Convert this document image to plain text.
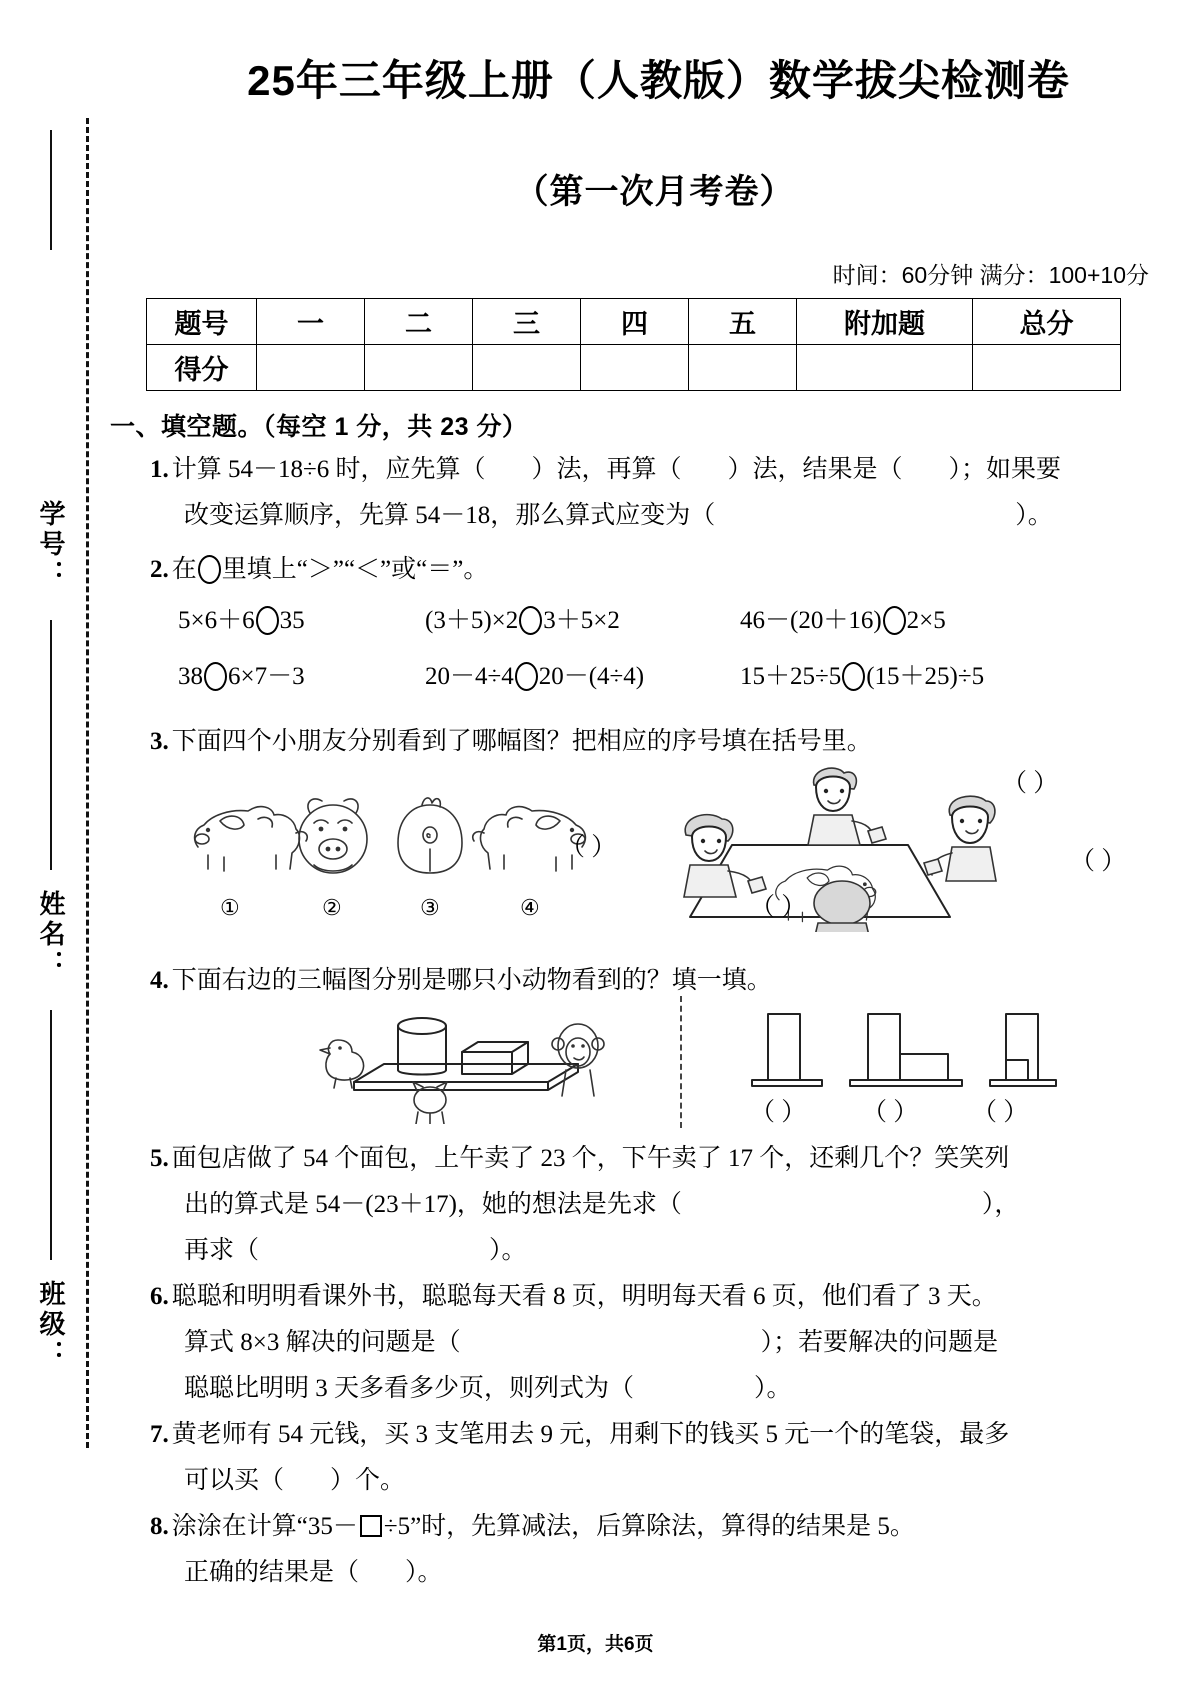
学号：
姓名：
班级：
25年三年级上册（人教版）数学拔尖检测卷
（第一次月考卷）
时间：60分钟 满分：100+10分
题号	一	二	三	四	五	附加题	总分
得分							
一、填空题。（每空 1 分，共 23 分）
1. 计算 54－18÷6 时，应先算（ ）法，再算（ ）法，结果是（ ）；如果要
改变运算顺序，先算 54－18，那么算式应变为（	）。
2. 在 里填上“＞”“＜”或“＝”。
5×6＋6 35	(3＋5)×2 3＋5×2	46－(20＋16) 2×5
38 6×7－3	20－4÷4 20－(4÷4)	15＋25÷5 (15＋25)÷5
3. 下面四个小朋友分别看到了哪幅图？把相应的序号填在括号里。
①	②	③	④
（ ）
（ ）
（ ）
（ ）
4. 下面右边的三幅图分别是哪只小动物看到的？填一填。
（ ） （ ） （ ）
5. 面包店做了 54 个面包，上午卖了 23 个，下午卖了 17 个，还剩几个？笑笑列
出的算式是 54－(23＋17)，她的想法是先求（	），
再求（	）。
6. 聪聪和明明看课外书，聪聪每天看 8 页，明明每天看 6 页，他们看了 3 天。
算式 8×3 解决的问题是（	）；若要解决的问题是
聪聪比明明 3 天多看多少页，则列式为（	）。
7. 黄老师有 54 元钱，买 3 支笔用去 9 元，用剩下的钱买 5 元一个的笔袋，最多
可以买（ ）个。
8. 涂涂在计算“35－ ÷5”时，先算减法，后算除法，算得的结果是 5。
正确的结果是（ ）。
第1页，共6页
